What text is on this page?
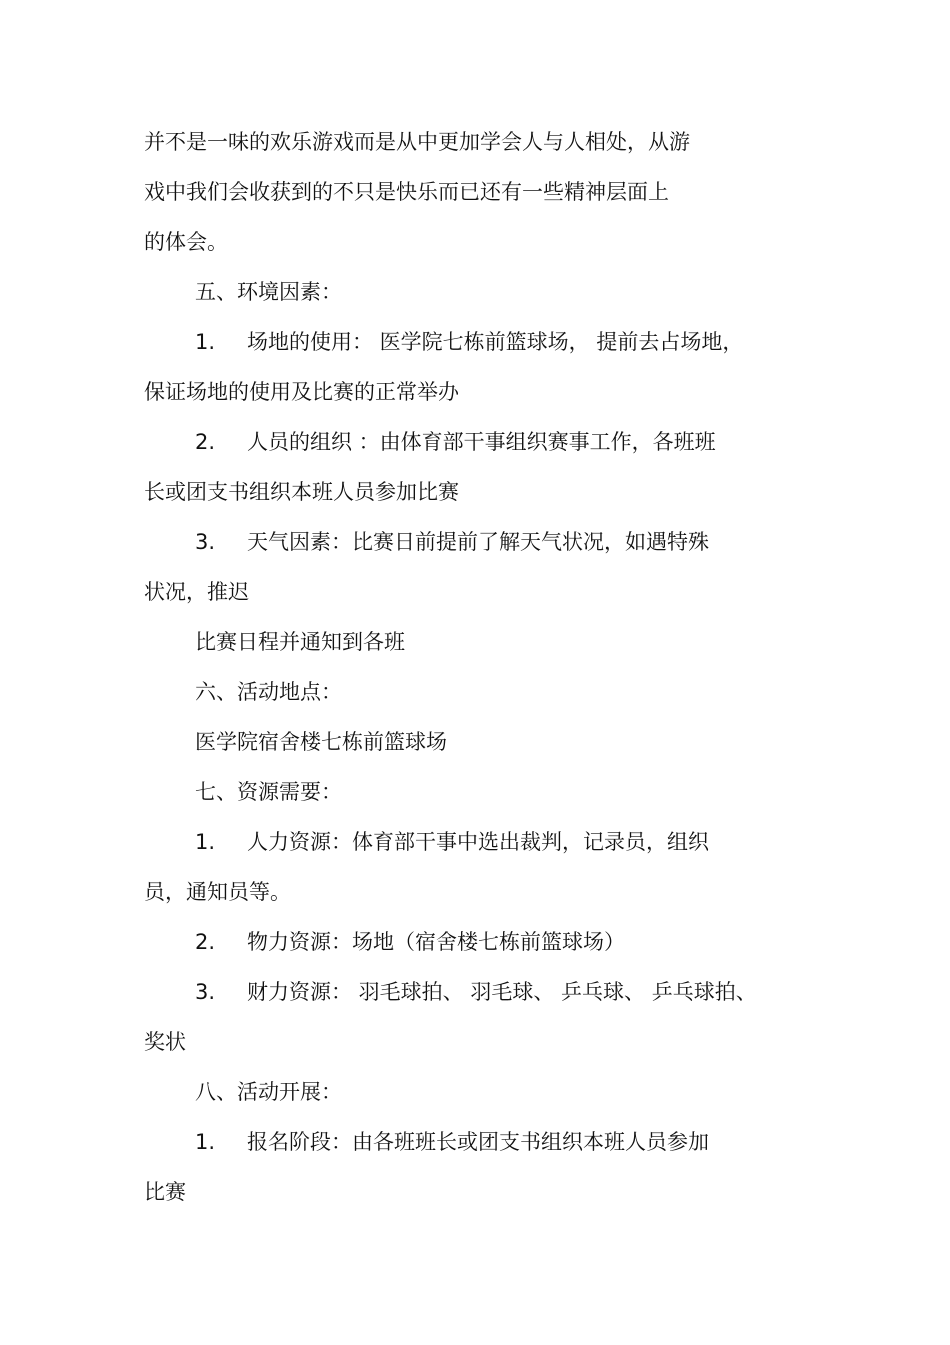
并不是一味的欢乐游戏而是从中更加学会人与人相处，从游
戏中我们会收获到的不只是快乐而已还有一些精神层面上
的体会。
五、环境因素：
1. 场地的使用： 医学院七栋前篮球场， 提前去占场地，
保证场地的使用及比赛的正常举办
2. 人员的组织 ：由体育部干事组织赛事工作，各班班
长或团支书组织本班人员参加比赛
3. 天气因素：比赛日前提前了解天气状况，如遇特殊
状况，推迟
比赛日程并通知到各班
六、活动地点：
医学院宿舍楼七栋前篮球场
七、资源需要：
1. 人力资源：体育部干事中选出裁判，记录员，组织
员，通知员等。
2. 物力资源：场地（宿舍楼七栋前篮球场）
3. 财力资源： 羽毛球拍、 羽毛球、 乒乓球、 乒乓球拍、
奖状
八、活动开展：
1. 报名阶段：由各班班长或团支书组织本班人员参加
比赛
